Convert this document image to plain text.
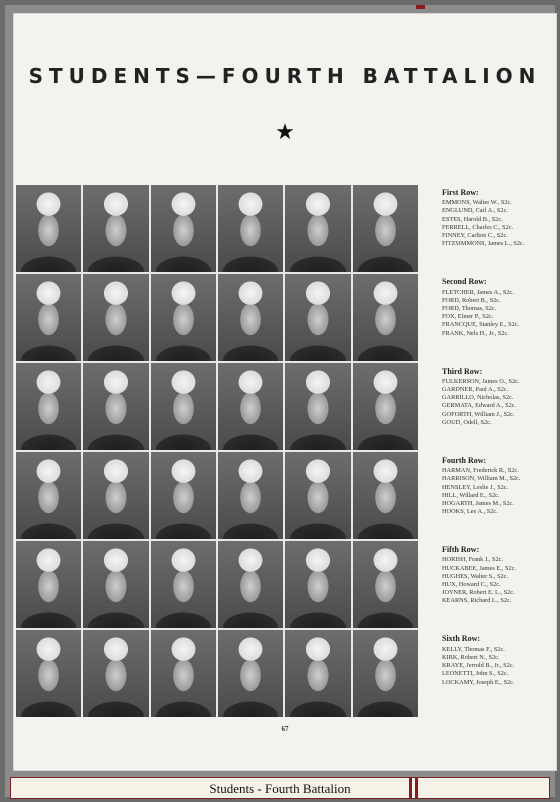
STUDENTS—FOURTH BATTALION
★
First Row:
EMMONS, Walter W., S2c.
ENGLUND, Carl A., S2c.
ESTES, Harold B., S2c.
FERRELL, Charles C., S2c.
FINNEY, Carlton C., S2c.
FITZSIMMONS, James L., S2c.
Second Row:
FLETCHER, James A., S2c.
FORD, Robert B., S2c.
FORD, Thomas, S2c.
FOX, Elmer P., S2c.
FRANCQUE, Stanley E., S2c.
FRANK, Nels H., Jr., S2c.
Third Row:
FULKERSON, James O., S2c.
GARDNER, Paul A., S2c.
GARRILLO, Nicholas, S2c.
GERMATA, Edward A., S2c.
GOFORTH, William J., S2c.
GOUD, Odell, S2c.
Fourth Row:
HARMAN, Frederick R., S2c.
HARRISON, William M., S2c.
HENSLEY, Leslie J., S2c.
HILL, Willard E., S2c.
HOGARTH, James M., S2c.
HOOKS, Lee A., S2c.
Fifth Row:
HORISH, Frank J., S2c.
HUCKABEE, James E., S2c.
HUGHES, Walter S., S2c.
HUX, Howard C., S2c.
JOYNER, Robert E. L., S2c.
KEARNS, Richard L., S2c.
Sixth Row:
KELLY, Thomas F., S2c.
KIRK, Robert N., S2c.
KRAYE, Jerrold B., Jr., S2c.
LEONETTI, John S., S2c.
LOCKAMY, Joseph E., S2c.
67
Students - Fourth Battalion
